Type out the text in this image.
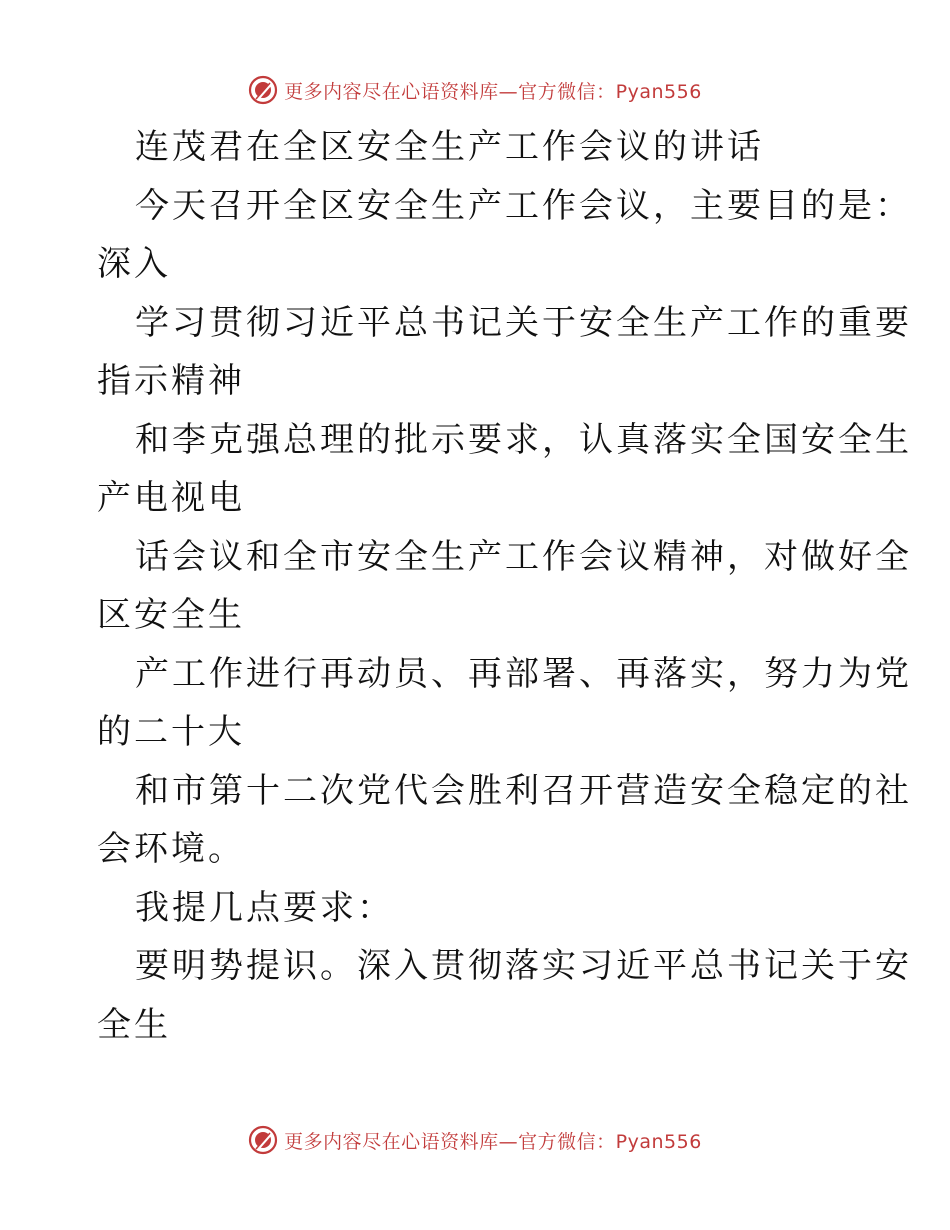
更多内容尽在心语资料库—官方微信：Pyan556
连茂君在全区安全生产工作会议的讲话
今天召开全区安全生产工作会议，主要目的是：
深入
学习贯彻习近平总书记关于安全生产工作的重要
指示精神
和李克强总理的批示要求，认真落实全国安全生
产电视电
话会议和全市安全生产工作会议精神，对做好全
区安全生
产工作进行再动员、再部署、再落实，努力为党
的二十大
和市第十二次党代会胜利召开营造安全稳定的社
会环境。
我提几点要求：
要明势提识。深入贯彻落实习近平总书记关于安
全生
更多内容尽在心语资料库—官方微信：Pyan556
